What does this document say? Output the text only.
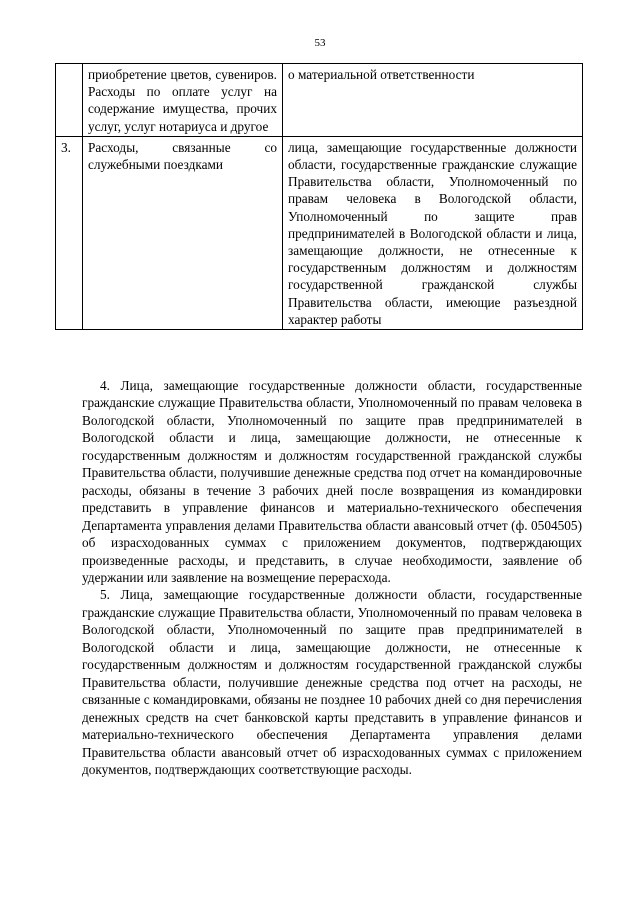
53
	приобретение цветов, сувениров. Расходы по оплате услуг на содержание имущества, прочих услуг, услуг нотариуса и другое	о материальной ответственности
3.	Расходы, связанные со служебными поездками	лица, замещающие государственные должности области, государственные гражданские служащие Правительства области, Уполномоченный по правам человека в Вологодской области, Уполномоченный по защите прав предпринимателей в Вологодской области и лица, замещающие должности, не отнесенные к государственным должностям и должностям государственной гражданской службы Правительства области, имеющие разъездной характер работы

4. Лица, замещающие государственные должности области, государственные гражданские служащие Правительства области, Уполномоченный по правам человека в Вологодской области, Уполномоченный по защите прав предпринимателей в Вологодской области и лица, замещающие должности, не отнесенные к государственным должностям и должностям государственной гражданской службы Правительства области, получившие денежные средства под отчет на командировочные расходы, обязаны в течение 3 рабочих дней после возвращения из командировки представить в управление финансов и материально-технического обеспечения Департамента управления делами Правительства области авансовый отчет (ф. 0504505) об израсходованных суммах с приложением документов, подтверждающих произведенные расходы, и представить, в случае необходимости, заявление об удержании или заявление на возмещение перерасхода.

5. Лица, замещающие государственные должности области, государственные гражданские служащие Правительства области, Уполномоченный по правам человека в Вологодской области, Уполномоченный по защите прав предпринимателей в Вологодской области и лица, замещающие должности, не отнесенные к государственным должностям и должностям государственной гражданской службы Правительства области, получившие денежные средства под отчет на расходы, не связанные с командировками, обязаны не позднее 10 рабочих дней со дня перечисления денежных средств на счет банковской карты представить в управление финансов и материально-технического обеспечения Департамента управления делами Правительства области авансовый отчет об израсходованных суммах с приложением документов, подтверждающих соответствующие расходы.
